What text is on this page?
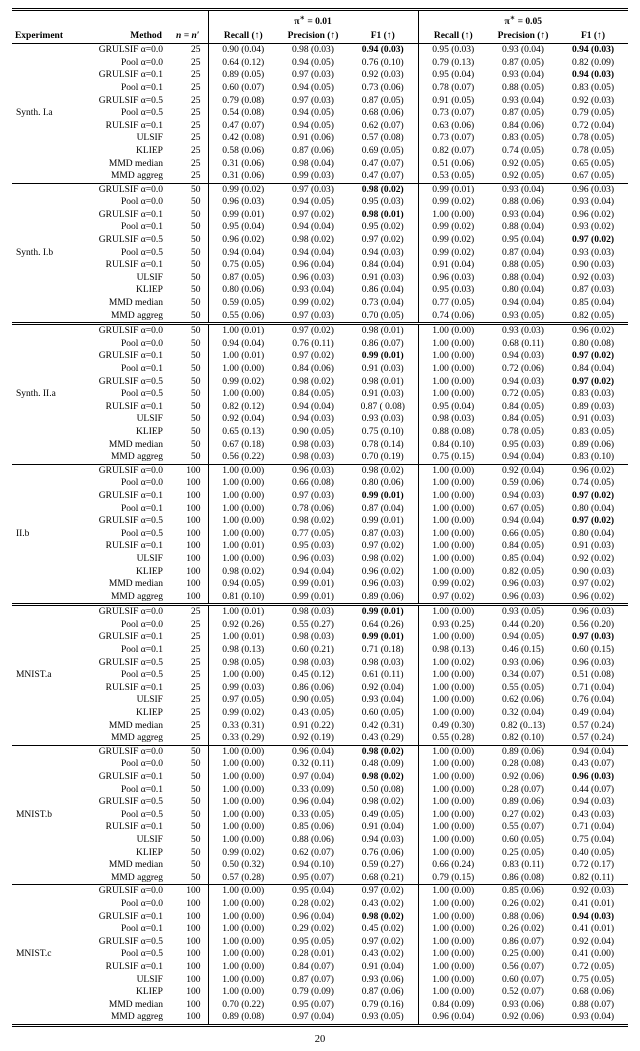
			π∗ = 0.01			π∗ = 0.05		
Experiment	Method	n = n′	Recall (↑)	Precision (↑)	F1 (↑)	Recall (↑)	Precision (↑)	F1 (↑)
Synth. I.a	GRULSIF α=0.0	25	0.90 (0.04)	0.98 (0.03)	0.94 (0.03)	0.95 (0.03)	0.93 (0.04)	0.94 (0.03)
	Pool α=0.0	25	0.64 (0.12)	0.94 (0.05)	0.76 (0.10)	0.79 (0.13)	0.87 (0.05)	0.82 (0.09)
	GRULSIF α=0.1	25	0.89 (0.05)	0.97 (0.03)	0.92 (0.03)	0.95 (0.04)	0.93 (0.04)	0.94 (0.03)
	Pool α=0.1	25	0.60 (0.07)	0.94 (0.05)	0.73 (0.06)	0.78 (0.07)	0.88 (0.05)	0.83 (0.05)
	GRULSIF α=0.5	25	0.79 (0.08)	0.97 (0.03)	0.87 (0.05)	0.91 (0.05)	0.93 (0.04)	0.92 (0.03)
	Pool α=0.5	25	0.54 (0.08)	0.94 (0.05)	0.68 (0.06)	0.73 (0.07)	0.87 (0.05)	0.79 (0.05)
	RULSIF α=0.1	25	0.47 (0.07)	0.94 (0.05)	0.62 (0.07)	0.63 (0.06)	0.84 (0.06)	0.72 (0.04)
	ULSIF	25	0.42 (0.08)	0.91 (0.06)	0.57 (0.08)	0.73 (0.07)	0.83 (0.05)	0.78 (0.05)
	KLIEP	25	0.58 (0.06)	0.87 (0.06)	0.69 (0.05)	0.82 (0.07)	0.74 (0.05)	0.78 (0.05)
	MMD median	25	0.31 (0.06)	0.98 (0.04)	0.47 (0.07)	0.51 (0.06)	0.92 (0.05)	0.65 (0.05)
	MMD aggreg	25	0.31 (0.06)	0.99 (0.03)	0.47 (0.07)	0.53 (0.05)	0.92 (0.05)	0.67 (0.05)
Synth. I.b	GRULSIF α=0.0	50	0.99 (0.02)	0.97 (0.03)	0.98 (0.02)	0.99 (0.01)	0.93 (0.04)	0.96 (0.03)
	Pool α=0.0	50	0.96 (0.03)	0.94 (0.05)	0.95 (0.03)	0.99 (0.02)	0.88 (0.06)	0.93 (0.04)
	GRULSIF α=0.1	50	0.99 (0.01)	0.97 (0.02)	0.98 (0.01)	1.00 (0.00)	0.93 (0.04)	0.96 (0.02)
	Pool α=0.1	50	0.95 (0.04)	0.94 (0.04)	0.95 (0.02)	0.99 (0.02)	0.88 (0.04)	0.93 (0.02)
	GRULSIF α=0.5	50	0.96 (0.02)	0.98 (0.02)	0.97 (0.02)	0.99 (0.02)	0.95 (0.04)	0.97 (0.02)
	Pool α=0.5	50	0.94 (0.04)	0.94 (0.04)	0.94 (0.03)	0.99 (0.02)	0.87 (0.04)	0.93 (0.03)
	RULSIF α=0.1	50	0.75 (0.05)	0.96 (0.04)	0.84 (0.04)	0.91 (0.04)	0.88 (0.05)	0.90 (0.03)
	ULSIF	50	0.87 (0.05)	0.96 (0.03)	0.91 (0.03)	0.96 (0.03)	0.88 (0.04)	0.92 (0.03)
	KLIEP	50	0.80 (0.06)	0.93 (0.04)	0.86 (0.04)	0.95 (0.03)	0.80 (0.04)	0.87 (0.03)
	MMD median	50	0.59 (0.05)	0.99 (0.02)	0.73 (0.04)	0.77 (0.05)	0.94 (0.04)	0.85 (0.04)
	MMD aggreg	50	0.55 (0.06)	0.97 (0.03)	0.70 (0.05)	0.74 (0.06)	0.93 (0.05)	0.82 (0.05)
Synth. II.a	GRULSIF α=0.0	50	1.00 (0.01)	0.97 (0.02)	0.98 (0.01)	1.00 (0.00)	0.93 (0.03)	0.96 (0.02)
	Pool α=0.0	50	0.94 (0.04)	0.76 (0.11)	0.86 (0.07)	1.00 (0.00)	0.68 (0.11)	0.80 (0.08)
	GRULSIF α=0.1	50	1.00 (0.01)	0.97 (0.02)	0.99 (0.01)	1.00 (0.00)	0.94 (0.03)	0.97 (0.02)
	Pool α=0.1	50	1.00 (0.00)	0.84 (0.06)	0.91 (0.03)	1.00 (0.00)	0.72 (0.06)	0.84 (0.04)
	GRULSIF α=0.5	50	0.99 (0.02)	0.98 (0.02)	0.98 (0.01)	1.00 (0.00)	0.94 (0.03)	0.97 (0.02)
	Pool α=0.5	50	1.00 (0.00)	0.84 (0.05)	0.91 (0.03)	1.00 (0.00)	0.72 (0.05)	0.83 (0.03)
	RULSIF α=0.1	50	0.82 (0.12)	0.94 (0.04)	0.87 ( 0.08)	0.95 (0.04)	0.84 (0.05)	0.89 (0.03)
	ULSIF	50	0.92 (0.04)	0.94 (0.03)	0.93 (0.03)	0.98 (0.03)	0.84 (0.05)	0.91 (0.03)
	KLIEP	50	0.65 (0.13)	0.90 (0.05)	0.75 (0.10)	0.88 (0.08)	0.78 (0.05)	0.83 (0.05)
	MMD median	50	0.67 (0.18)	0.98 (0.03)	0.78 (0.14)	0.84 (0.10)	0.95 (0.03)	0.89 (0.06)
	MMD aggreg	50	0.56 (0.22)	0.98 (0.03)	0.70 (0.19)	0.75 (0.15)	0.94 (0.04)	0.83 (0.10)
II.b	GRULSIF α=0.0	100	1.00 (0.00)	0.96 (0.03)	0.98 (0.02)	1.00 (0.00)	0.92 (0.04)	0.96 (0.02)
	Pool α=0.0	100	1.00 (0.00)	0.66 (0.08)	0.80 (0.06)	1.00 (0.00)	0.59 (0.06)	0.74 (0.05)
	GRULSIF α=0.1	100	1.00 (0.00)	0.97 (0.03)	0.99 (0.01)	1.00 (0.00)	0.94 (0.03)	0.97 (0.02)
	Pool α=0.1	100	1.00 (0.00)	0.78 (0.06)	0.87 (0.04)	1.00 (0.00)	0.67 (0.05)	0.80 (0.04)
	GRULSIF α=0.5	100	1.00 (0.00)	0.98 (0.02)	0.99 (0.01)	1.00 (0.00)	0.94 (0.04)	0.97 (0.02)
	Pool α=0.5	100	1.00 (0.00)	0.77 (0.05)	0.87 (0.03)	1.00 (0.00)	0.66 (0.05)	0.80 (0.04)
	RULSIF α=0.1	100	1.00 (0.01)	0.95 (0.03)	0.97 (0.02)	1.00 (0.00)	0.84 (0.05)	0.91 (0.03)
	ULSIF	100	1.00 (0.00)	0.96 (0.03)	0.98 (0.02)	1.00 (0.00)	0.85 (0.04)	0.92 (0.02)
	KLIEP	100	0.98 (0.02)	0.94 (0.04)	0.96 (0.02)	1.00 (0.00)	0.82 (0.05)	0.90 (0.03)
	MMD median	100	0.94 (0.05)	0.99 (0.01)	0.96 (0.03)	0.99 (0.02)	0.96 (0.03)	0.97 (0.02)
	MMD aggreg	100	0.81 (0.10)	0.99 (0.01)	0.89 (0.06)	0.97 (0.02)	0.96 (0.03)	0.96 (0.02)
MNIST.a	GRULSIF α=0.0	25	1.00 (0.01)	0.98 (0.03)	0.99 (0.01)	1.00 (0.00)	0.93 (0.05)	0.96 (0.03)
	Pool α=0.0	25	0.92 (0.26)	0.55 (0.27)	0.64 (0.26)	0.93 (0.25)	0.44 (0.20)	0.56 (0.20)
	GRULSIF α=0.1	25	1.00 (0.01)	0.98 (0.03)	0.99 (0.01)	1.00 (0.00)	0.94 (0.05)	0.97 (0.03)
	Pool α=0.1	25	0.98 (0.13)	0.60 (0.21)	0.71 (0.18)	0.98 (0.13)	0.46 (0.15)	0.60 (0.15)
	GRULSIF α=0.5	25	0.98 (0.05)	0.98 (0.03)	0.98 (0.03)	1.00 (0.02)	0.93 (0.06)	0.96 (0.03)
	Pool α=0.5	25	1.00 (0.00)	0.45 (0.12)	0.61 (0.11)	1.00 (0.00)	0.34 (0.07)	0.51 (0.08)
	RULSIF α=0.1	25	0.99 (0.03)	0.86 (0.06)	0.92 (0.04)	1.00 (0.00)	0.55 (0.05)	0.71 (0.04)
	ULSIF	25	0.97 (0.05)	0.90 (0.05)	0.93 (0.04)	1.00 (0.00)	0.62 (0.06)	0.76 (0.04)
	KLIEP	25	0.99 (0.02)	0.43 (0.05)	0.60 (0.05)	1.00 (0.00)	0.32 (0.04)	0.49 (0.04)
	MMD median	25	0.33 (0.31)	0.91 (0.22)	0.42 (0.31)	0.49 (0.30)	0.82 (0..13)	0.57 (0.24)
	MMD aggreg	25	0.33 (0.29)	0.92 (0.19)	0.43 (0.29)	0.55 (0.28)	0.82 (0.10)	0.57 (0.24)
MNIST.b	GRULSIF α=0.0	50	1.00 (0.00)	0.96 (0.04)	0.98 (0.02)	1.00 (0.00)	0.89 (0.06)	0.94 (0.04)
	Pool α=0.0	50	1.00 (0.00)	0.32 (0.11)	0.48 (0.09)	1.00 (0.00)	0.28 (0.08)	0.43 (0.07)
	GRULSIF α=0.1	50	1.00 (0.00)	0.97 (0.04)	0.98 (0.02)	1.00 (0.00)	0.92 (0.06)	0.96 (0.03)
	Pool α=0.1	50	1.00 (0.00)	0.33 (0.09)	0.50 (0.08)	1.00 (0.00)	0.28 (0.07)	0.44 (0.07)
	GRULSIF α=0.5	50	1.00 (0.00)	0.96 (0.04)	0.98 (0.02)	1.00 (0.00)	0.89 (0.06)	0.94 (0.03)
	Pool α=0.5	50	1.00 (0.00)	0.33 (0.05)	0.49 (0.05)	1.00 (0.00)	0.27 (0.02)	0.43 (0.03)
	RULSIF α=0.1	50	1.00 (0.00)	0.85 (0.06)	0.91 (0.04)	1.00 (0.00)	0.55 (0.07)	0.71 (0.04)
	ULSIF	50	1.00 (0.00)	0.88 (0.06)	0.94 (0.03)	1.00 (0.00)	0.60 (0.05)	0.75 (0.04)
	KLIEP	50	0.99 (0.02)	0.62 (0.07)	0.76 (0.06)	1.00 (0.00)	0.25 (0.05)	0.40 (0.05)
	MMD median	50	0.50 (0.32)	0.94 (0.10)	0.59 (0.27)	0.66 (0.24)	0.83 (0.11)	0.72 (0.17)
	MMD aggreg	50	0.57 (0.28)	0.95 (0.07)	0.68 (0.21)	0.79 (0.15)	0.86 (0.08)	0.82 (0.11)
MNIST.c	GRULSIF α=0.0	100	1.00 (0.00)	0.95 (0.04)	0.97 (0.02)	1.00 (0.00)	0.85 (0.06)	0.92 (0.03)
	Pool α=0.0	100	1.00 (0.00)	0.28 (0.02)	0.43 (0.02)	1.00 (0.00)	0.26 (0.02)	0.41 (0.01)
	GRULSIF α=0.1	100	1.00 (0.00)	0.96 (0.04)	0.98 (0.02)	1.00 (0.00)	0.88 (0.06)	0.94 (0.03)
	Pool α=0.1	100	1.00 (0.00)	0.29 (0.02)	0.45 (0.02)	1.00 (0.00)	0.26 (0.02)	0.41 (0.01)
	GRULSIF α=0.5	100	1.00 (0.00)	0.95 (0.05)	0.97 (0.02)	1.00 (0.00)	0.86 (0.07)	0.92 (0.04)
	Pool α=0.5	100	1.00 (0.00)	0.28 (0.01)	0.43 (0.02)	1.00 (0.00)	0.25 (0.00)	0.41 (0.00)
	RULSIF α=0.1	100	1.00 (0.00)	0.84 (0.07)	0.91 (0.04)	1.00 (0.00)	0.56 (0.07)	0.72 (0.05)
	ULSIF	100	1.00 (0.00)	0.87 (0.07)	0.93 (0.06)	1.00 (0.00)	0.60 (0.07)	0.75 (0.05)
	KLIEP	100	1.00 (0.00)	0.79 (0.09)	0.87 (0.06)	1.00 (0.00)	0.52 (0.07)	0.68 (0.06)
	MMD median	100	0.70 (0.22)	0.95 (0.07)	0.79 (0.16)	0.84 (0.09)	0.93 (0.06)	0.88 (0.07)
	MMD aggreg	100	0.89 (0.08)	0.97 (0.04)	0.93 (0.05)	0.96 (0.04)	0.92 (0.06)	0.93 (0.04)
20
